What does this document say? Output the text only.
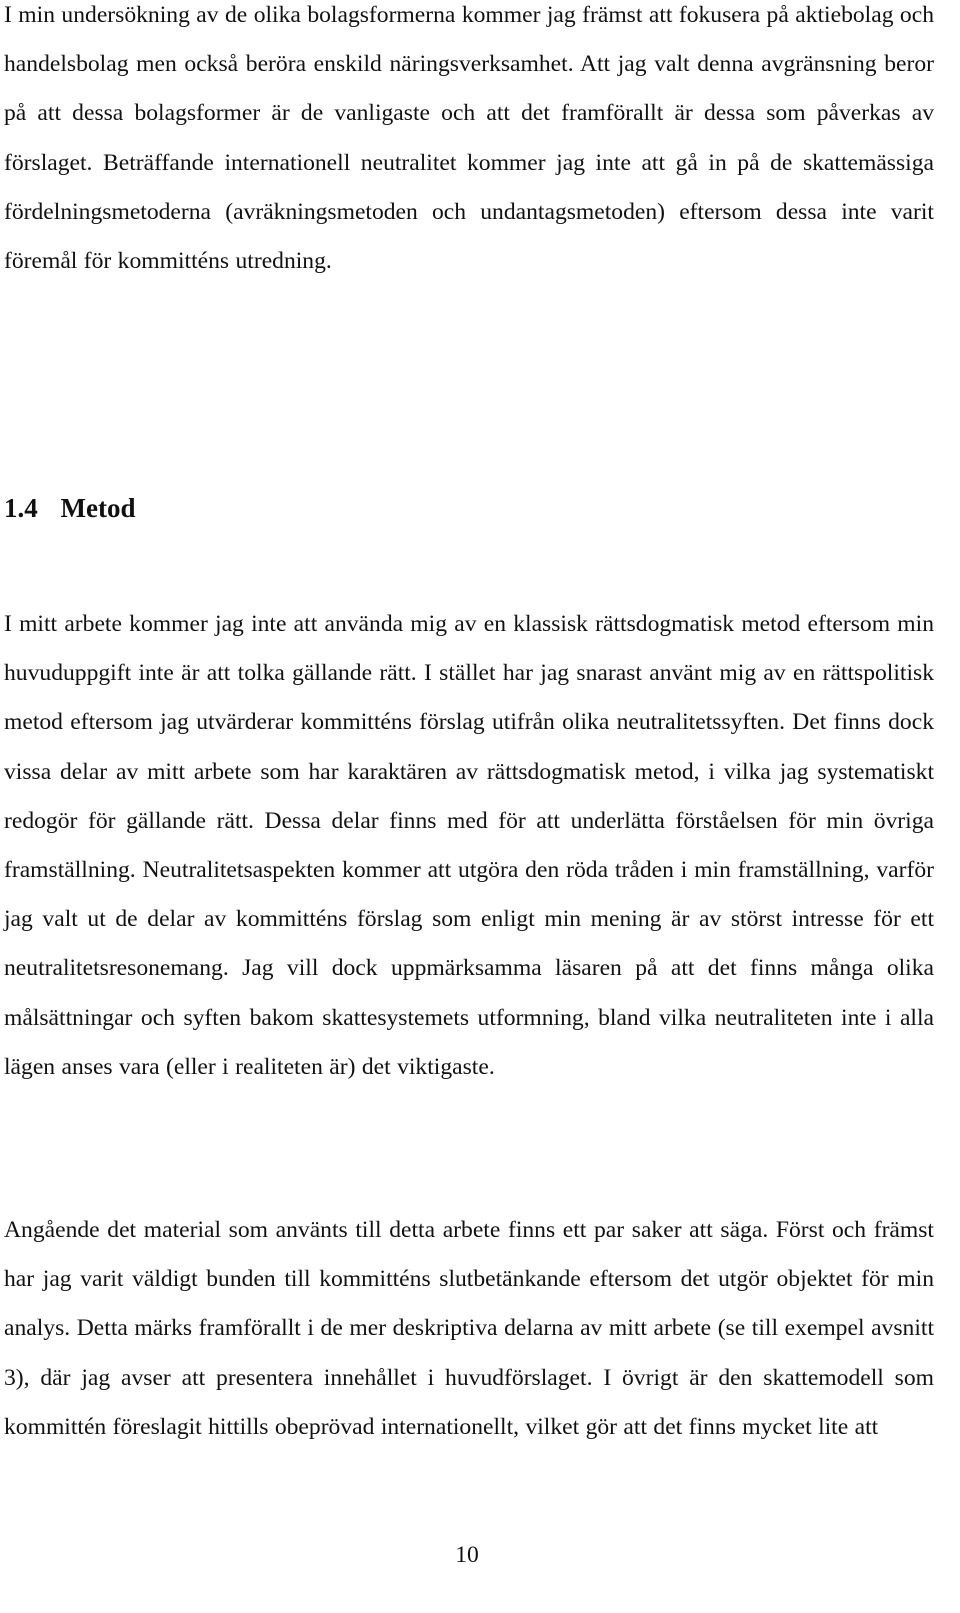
I min undersökning av de olika bolagsformerna kommer jag främst att fokusera på aktiebolag och handelsbolag men också beröra enskild näringsverksamhet. Att jag valt denna avgränsning beror på att dessa bolagsformer är de vanligaste och att det framförallt är dessa som påverkas av förslaget. Beträffande internationell neutralitet kommer jag inte att gå in på de skattemässiga fördelningsmetoderna (avräkningsmetoden och undantagsmetoden) eftersom dessa inte varit föremål för kommitténs utredning.

1.4 Metod

I mitt arbete kommer jag inte att använda mig av en klassisk rättsdogmatisk metod eftersom min huvuduppgift inte är att tolka gällande rätt. I stället har jag snarast använt mig av en rättspolitisk metod eftersom jag utvärderar kommitténs förslag utifrån olika neutralitetssyften. Det finns dock vissa delar av mitt arbete som har karaktären av rättsdogmatisk metod, i vilka jag systematiskt redogör för gällande rätt. Dessa delar finns med för att underlätta förståelsen för min övriga framställning. Neutralitetsaspekten kommer att utgöra den röda tråden i min framställning, varför jag valt ut de delar av kommitténs förslag som enligt min mening är av störst intresse för ett neutralitetsresonemang. Jag vill dock uppmärksamma läsaren på att det finns många olika målsättningar och syften bakom skattesystemets utformning, bland vilka neutraliteten inte i alla lägen anses vara (eller i realiteten är) det viktigaste.

Angående det material som använts till detta arbete finns ett par saker att säga. Först och främst har jag varit väldigt bunden till kommitténs slutbetänkande eftersom det utgör objektet för min analys. Detta märks framförallt i de mer deskriptiva delarna av mitt arbete (se till exempel avsnitt 3), där jag avser att presentera innehållet i huvudförslaget. I övrigt är den skattemodell som kommittén föreslagit hittills obeprövad internationellt, vilket gör att det finns mycket lite att

10
